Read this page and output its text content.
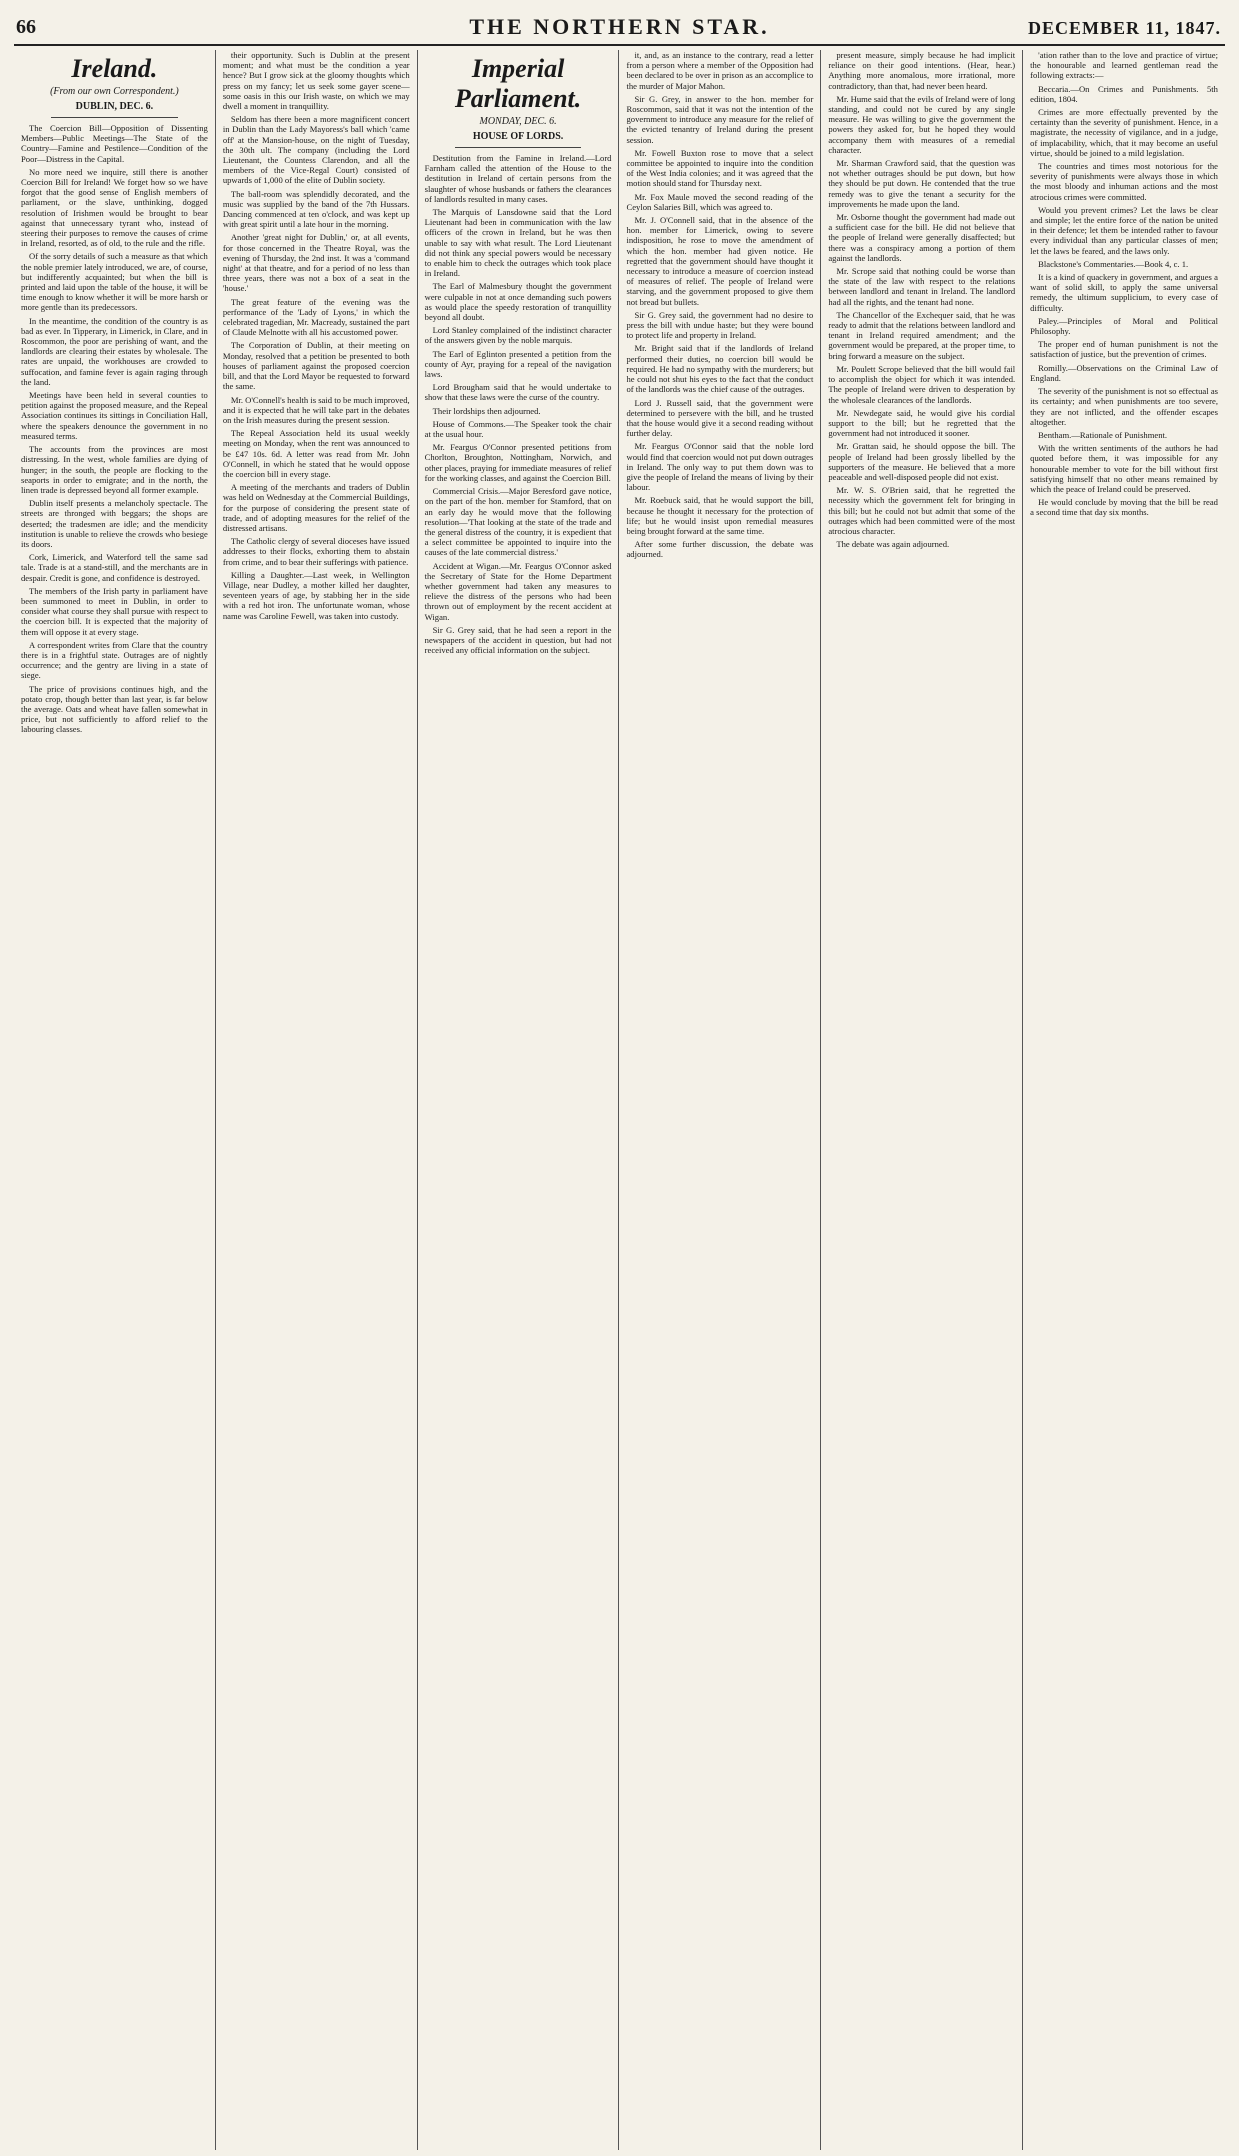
66	THE NORTHERN STAR.	DECEMBER 11, 1847.
Ireland.
(From our own Correspondent.)
DUBLIN, DEC. 6.

The Coercion Bill—Opposition of Dissenting Members—Public Meetings—The State of the Country—Famine and Pestilence—Condition of the Poor—Distress in the Capital.

No more need we inquire, still there is another Coercion Bill for Ireland! We forget how so we have forgot that the good sense of English members of parliament, or the slave, unthinking, dogged resolution of Irishmen would be brought to bear against that unnecessary tyrant who, instead of steering their purposes to remove the causes of crime in Ireland, resorted, as of old, to the rule and the rifle.

Of the sorry details of such a measure as that which the noble premier lately introduced, we are, of course, but indifferently acquainted; but when the bill is printed and laid upon the table of the house, it will be time enough to know whether it will be more harsh or more gentle than its predecessors.

In the meantime, the condition of the country is as bad as ever. In Tipperary, in Limerick, in Clare, and in Roscommon, the poor are perishing of want, and the landlords are clearing their estates by wholesale. The rates are unpaid, the workhouses are crowded to suffocation, and famine fever is again raging through the land.

Meetings have been held in several counties to petition against the proposed measure, and the Repeal Association continues its sittings in Conciliation Hall, where the speakers denounce the government in no measured terms.

The accounts from the provinces are most distressing. In the west, whole families are dying of hunger; in the south, the people are flocking to the seaports in order to emigrate; and in the north, the linen trade is depressed beyond all former example.

Dublin itself presents a melancholy spectacle. The streets are thronged with beggars; the shops are deserted; the tradesmen are idle; and the mendicity institution is unable to relieve the crowds who besiege its doors.

Cork, Limerick, and Waterford tell the same sad tale. Trade is at a stand-still, and the merchants are in despair. Credit is gone, and confidence is destroyed.

The members of the Irish party in parliament have been summoned to meet in Dublin, in order to consider what course they shall pursue with respect to the coercion bill. It is expected that the majority of them will oppose it at every stage.

A correspondent writes from Clare that the country there is in a frightful state. Outrages are of nightly occurrence; and the gentry are living in a state of siege.

The price of provisions continues high, and the potato crop, though better than last year, is far below the average. Oats and wheat have fallen somewhat in price, but not sufficiently to afford relief to the labouring classes.

their opportunity. Such is Dublin at the present moment; and what must be the condition a year hence? But I grow sick at the gloomy thoughts which press on my fancy; let us seek some gayer scene—some oasis in this our Irish waste, on which we may dwell a moment in tranquillity.

Seldom has there been a more magnificent concert in Dublin than the Lady Mayoress's ball which 'came off' at the Mansion-house, on the night of Tuesday, the 30th ult. The company (including the Lord Lieutenant, the Countess Clarendon, and all the members of the Vice-Regal Court) consisted of upwards of 1,000 of the elite of Dublin society.

The ball-room was splendidly decorated, and the music was supplied by the band of the 7th Hussars. Dancing commenced at ten o'clock, and was kept up with great spirit until a late hour in the morning.

Another 'great night for Dublin,' or, at all events, for those concerned in the Theatre Royal, was the evening of Thursday, the 2nd inst. It was a 'command night' at that theatre, and for a period of no less than three years, there was not a box of a seat in the 'house.'

The great feature of the evening was the performance of the 'Lady of Lyons,' in which the celebrated tragedian, Mr. Macready, sustained the part of Claude Melnotte with all his accustomed power.

The Corporation of Dublin, at their meeting on Monday, resolved that a petition be presented to both houses of parliament against the proposed coercion bill, and that the Lord Mayor be requested to forward the same.

Mr. O'Connell's health is said to be much improved, and it is expected that he will take part in the debates on the Irish measures during the present session.

The Repeal Association held its usual weekly meeting on Monday, when the rent was announced to be £47 10s. 6d. A letter was read from Mr. John O'Connell, in which he stated that he would oppose the coercion bill in every stage.

A meeting of the merchants and traders of Dublin was held on Wednesday at the Commercial Buildings, for the purpose of considering the present state of trade, and of adopting measures for the relief of the distressed artisans.

The Catholic clergy of several dioceses have issued addresses to their flocks, exhorting them to abstain from crime, and to bear their sufferings with patience.

Killing a Daughter.—Last week, in Wellington Village, near Dudley, a mother killed her daughter, seventeen years of age, by stabbing her in the side with a red hot iron. The unfortunate woman, whose name was Caroline Fewell, was taken into custody.

Imperial Parliament.
MONDAY, DEC. 6.
HOUSE OF LORDS.

Destitution from the Famine in Ireland.—Lord Farnham called the attention of the House to the destitution in Ireland of certain persons from the slaughter of whose husbands or fathers the clearances of landlords resulted in many cases.

The Marquis of Lansdowne said that the Lord Lieutenant had been in communication with the law officers of the crown in Ireland, but he was then unable to say with what result. The Lord Lieutenant did not think any special powers would be necessary to enable him to check the outrages which took place in Ireland.

The Earl of Malmesbury thought the government were culpable in not at once demanding such powers as would place the speedy restoration of tranquillity beyond all doubt.

Lord Stanley complained of the indistinct character of the answers given by the noble marquis.

The Earl of Eglinton presented a petition from the county of Ayr, praying for a repeal of the navigation laws.

Lord Brougham said that he would undertake to show that these laws were the curse of the country.

Their lordships then adjourned.

House of Commons.—The Speaker took the chair at the usual hour.

Mr. Feargus O'Connor presented petitions from Chorlton, Broughton, Nottingham, Norwich, and other places, praying for immediate measures of relief for the working classes, and against the Coercion Bill.

Commercial Crisis.—Major Beresford gave notice, on the part of the hon. member for Stamford, that on an early day he would move that the following resolution—'That looking at the state of the trade and the general distress of the country, it is expedient that a select committee be appointed to inquire into the causes of the late commercial distress.'

Accident at Wigan.—Mr. Feargus O'Connor asked the Secretary of State for the Home Department whether government had taken any measures to relieve the distress of the persons who had been thrown out of employment by the recent accident at Wigan.

Sir G. Grey said, that he had seen a report in the newspapers of the accident in question, but had not received any official information on the subject.

it, and, as an instance to the contrary, read a letter from a person where a member of the Opposition had been declared to be over in prison as an accomplice to the murder of Major Mahon.

Sir G. Grey, in answer to the hon. member for Roscommon, said that it was not the intention of the government to introduce any measure for the relief of the evicted tenantry of Ireland during the present session.

Mr. Fowell Buxton rose to move that a select committee be appointed to inquire into the condition of the West India colonies; and it was agreed that the motion should stand for Thursday next.

Mr. Fox Maule moved the second reading of the Ceylon Salaries Bill, which was agreed to.

Mr. J. O'Connell said, that in the absence of the hon. member for Limerick, owing to severe indisposition, he rose to move the amendment of which the hon. member had given notice. He regretted that the government should have thought it necessary to introduce a measure of coercion instead of measures of relief. The people of Ireland were starving, and the government proposed to give them not bread but bullets.

Sir G. Grey said, the government had no desire to press the bill with undue haste; but they were bound to protect life and property in Ireland.

Mr. Bright said that if the landlords of Ireland performed their duties, no coercion bill would be required. He had no sympathy with the murderers; but he could not shut his eyes to the fact that the conduct of the landlords was the chief cause of the outrages.

Lord J. Russell said, that the government were determined to persevere with the bill, and he trusted that the house would give it a second reading without further delay.

Mr. Feargus O'Connor said that the noble lord would find that coercion would not put down outrages in Ireland. The only way to put them down was to give the people of Ireland the means of living by their labour.

Mr. Roebuck said, that he would support the bill, because he thought it necessary for the protection of life; but he would insist upon remedial measures being brought forward at the same time.

After some further discussion, the debate was adjourned.

present measure, simply because he had implicit reliance on their good intentions. (Hear, hear.) Anything more anomalous, more irrational, more contradictory, than that, had never been heard.

Mr. Hume said that the evils of Ireland were of long standing, and could not be cured by any single measure. He was willing to give the government the powers they asked for, but he hoped they would accompany them with measures of a remedial character.

Mr. Sharman Crawford said, that the question was not whether outrages should be put down, but how they should be put down. He contended that the true remedy was to give the tenant a security for the improvements he made upon the land.

Mr. Osborne thought the government had made out a sufficient case for the bill. He did not believe that the people of Ireland were generally disaffected; but there was a conspiracy among a portion of them against the landlords.

Mr. Scrope said that nothing could be worse than the state of the law with respect to the relations between landlord and tenant in Ireland. The landlord had all the rights, and the tenant had none.

The Chancellor of the Exchequer said, that he was ready to admit that the relations between landlord and tenant in Ireland required amendment; and the government would be prepared, at the proper time, to bring forward a measure on the subject.

Mr. Poulett Scrope believed that the bill would fail to accomplish the object for which it was intended. The people of Ireland were driven to desperation by the wholesale clearances of the landlords.

Mr. Newdegate said, he would give his cordial support to the bill; but he regretted that the government had not introduced it sooner.

Mr. Grattan said, he should oppose the bill. The people of Ireland had been grossly libelled by the supporters of the measure. He believed that a more peaceable and well-disposed people did not exist.

Mr. W. S. O'Brien said, that he regretted the necessity which the government felt for bringing in this bill; but he could not but admit that some of the outrages which had been committed were of the most atrocious character.

The debate was again adjourned.

'ation rather than to the love and practice of virtue; the honourable and learned gentleman read the following extracts:—

Beccaria.—On Crimes and Punishments. 5th edition, 1804.

Crimes are more effectually prevented by the certainty than the severity of punishment. Hence, in a magistrate, the necessity of vigilance, and in a judge, of implacability, which, that it may become an useful virtue, should be joined to a mild legislation.

The countries and times most notorious for the severity of punishments were always those in which the most bloody and inhuman actions and the most atrocious crimes were committed.

Would you prevent crimes? Let the laws be clear and simple; let the entire force of the nation be united in their defence; let them be intended rather to favour every individual than any particular classes of men; let the laws be feared, and the laws only.

Blackstone's Commentaries.—Book 4, c. 1.

It is a kind of quackery in government, and argues a want of solid skill, to apply the same universal remedy, the ultimum supplicium, to every case of difficulty.

Paley.—Principles of Moral and Political Philosophy.

The proper end of human punishment is not the satisfaction of justice, but the prevention of crimes.

Romilly.—Observations on the Criminal Law of England.

The severity of the punishment is not so effectual as its certainty; and when punishments are too severe, they are not inflicted, and the offender escapes altogether.

Bentham.—Rationale of Punishment.

With the written sentiments of the authors he had quoted before them, it was impossible for any honourable member to vote for the bill without first satisfying himself that no other means remained by which the peace of Ireland could be preserved.

He would conclude by moving that the bill be read a second time that day six months.
